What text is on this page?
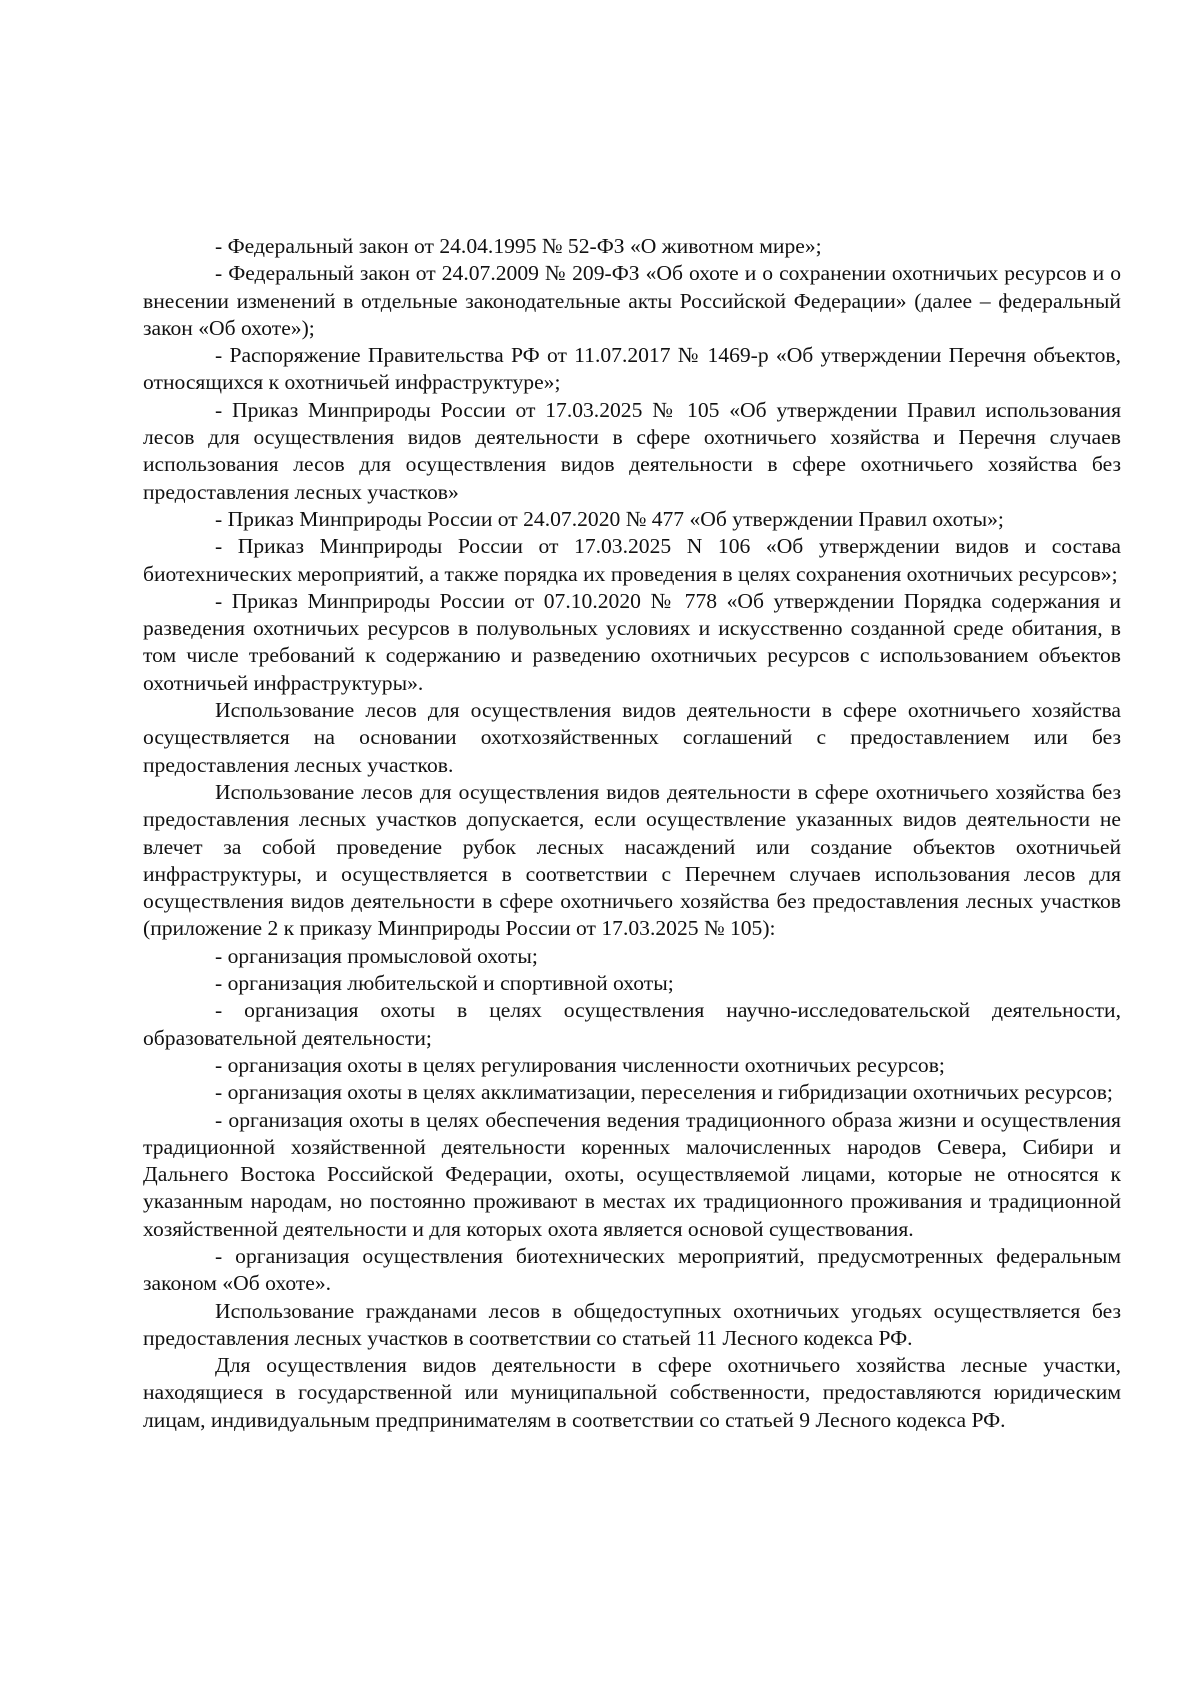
- Федеральный закон от 24.04.1995 № 52-ФЗ «О животном мире»;

- Федеральный закон от 24.07.2009 № 209-ФЗ «Об охоте и о сохранении охотничьих ресурсов и о внесении изменений в отдельные законодательные акты Российской Федерации» (далее – федеральный закон «Об охоте»);

- Распоряжение Правительства РФ от 11.07.2017 № 1469-р «Об утверждении Перечня объектов, относящихся к охотничьей инфраструктуре»;

- Приказ Минприроды России от 17.03.2025 № 105 «Об утверждении Правил использования лесов для осуществления видов деятельности в сфере охотничьего хозяйства и Перечня случаев использования лесов для осуществления видов деятельности в сфере охотничьего хозяйства без предоставления лесных участков»

- Приказ Минприроды России от 24.07.2020 № 477 «Об утверждении Правил охоты»;

- Приказ Минприроды России от 17.03.2025 N 106 «Об утверждении видов и состава биотехнических мероприятий, а также порядка их проведения в целях сохранения охотничьих ресурсов»;

- Приказ Минприроды России от 07.10.2020 № 778 «Об утверждении Порядка содержания и разведения охотничьих ресурсов в полувольных условиях и искусственно созданной среде обитания, в том числе требований к содержанию и разведению охотничьих ресурсов с использованием объектов охотничьей инфраструктуры».

Использование лесов для осуществления видов деятельности в сфере охотничьего хозяйства осуществляется на основании охотхозяйственных соглашений с предоставлением или без предоставления лесных участков.

Использование лесов для осуществления видов деятельности в сфере охотничьего хозяйства без предоставления лесных участков допускается, если осуществление указанных видов деятельности не влечет за собой проведение рубок лесных насаждений или создание объектов охотничьей инфраструктуры, и осуществляется в соответствии с Перечнем случаев использования лесов для осуществления видов деятельности в сфере охотничьего хозяйства без предоставления лесных участков (приложение 2 к приказу Минприроды России от 17.03.2025 № 105):

- организация промысловой охоты;

- организация любительской и спортивной охоты;

- организация охоты в целях осуществления научно-исследовательской деятельности, образовательной деятельности;

- организация охоты в целях регулирования численности охотничьих ресурсов;

- организация охоты в целях акклиматизации, переселения и гибридизации охотничьих ресурсов;

- организация охоты в целях обеспечения ведения традиционного образа жизни и осуществления традиционной хозяйственной деятельности коренных малочисленных народов Севера, Сибири и Дальнего Востока Российской Федерации, охоты, осуществляемой лицами, которые не относятся к указанным народам, но постоянно проживают в местах их традиционного проживания и традиционной хозяйственной деятельности и для которых охота является основой существования.

- организация осуществления биотехнических мероприятий, предусмотренных федеральным законом «Об охоте».

Использование гражданами лесов в общедоступных охотничьих угодьях осуществляется без предоставления лесных участков в соответствии со статьей 11 Лесного кодекса РФ.

Для осуществления видов деятельности в сфере охотничьего хозяйства лесные участки, находящиеся в государственной или муниципальной собственности, предоставляются юридическим лицам, индивидуальным предпринимателям в соответствии со статьей 9 Лесного кодекса РФ.
